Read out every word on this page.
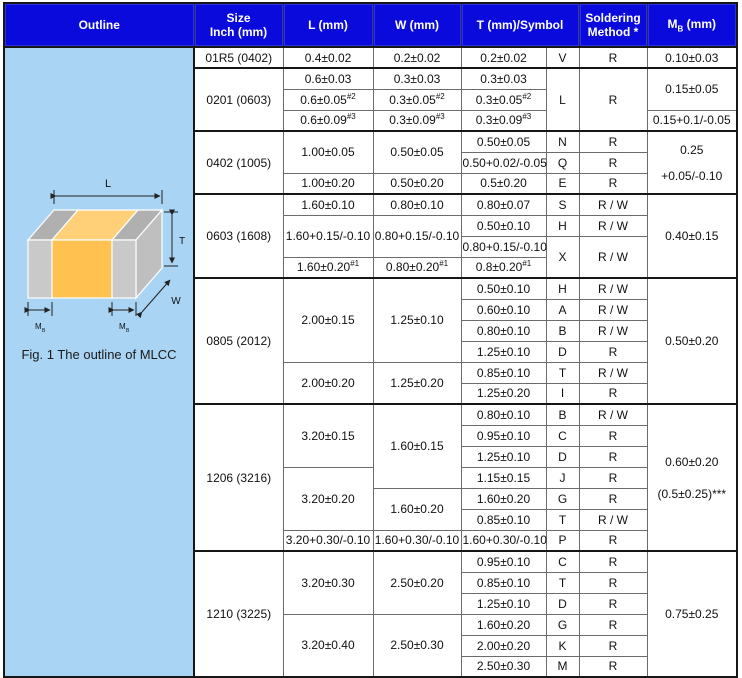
Outline	Size
Inch (mm)	L (mm)	W (mm)	T (mm)/Symbol	Soldering
Method *
	$M_B$ (mm)

L
T
W
M B	M B
Fig. 1 The outline of MLCC
	01R5 (0402)	0.4±0.02	0.2±0.02	0.2±0.02	V	R	0.10±0.03
	0201 (0603)	0.6±0.03	0.3±0.03	0.3±0.03	L	R	0.15±0.05
		$0.6\pm 0.05^{\#2}$	$0.3\pm 0.05^{\#2}$	$0.3\pm 0.05^{\#2}$
		$0.6\pm 0.09^{\#3}$	$0.3\pm 0.09^{\#3}$	$0.3\pm 0.09^{\#3}$			0.15+0.1/-0.05
	0402 (1005)	1.00±0.05	0.50±0.05	0.50±0.05	N	R	0.25
+0.05/-0.10

				0.50+0.02/-0.05	Q	R	
		1.00±0.20	0.50±0.20	0.5±0.20	E	R	
	0603 (1608)	1.60±0.10	0.80±0.10	0.80±0.07	S	R / W	0.40±0.15
		1.60+0.15/-0.10	0.80+0.15/-0.10	0.50±0.10	H	R / W	
				0.80+0.15/-0.10	X	R / W	
		$1.60\pm 0.20^{\#1}$	$0.80\pm 0.20^{\#1}$	$0.8\pm 0.20^{\#1}$
	0805 (2012)	2.00±0.15	1.25±0.10	0.50±0.10	H	R / W	0.50±0.20
				0.60±0.10	A	R / W	
				0.80±0.10	B	R / W	
				1.25±0.10	D	R	
		2.00±0.20	1.25±0.20	0.85±0.10	T	R / W	
				1.25±0.20	I	R	
	1206 (3216)	3.20±0.15	1.60±0.15	0.80±0.10	B	R / W	0.60±0.20
(0.5±0.25)***

				0.95±0.10	C	R	
				1.25±0.10	D	R	
		3.20±0.20		1.15±0.15	J	R	
			1.60±0.20	1.60±0.20	G	R	
				0.85±0.10	T	R / W	
		3.20+0.30/-0.10	1.60+0.30/-0.10	1.60+0.30/-0.10	P	R	
	1210 (3225)	3.20±0.30	2.50±0.20	0.95±0.10	C	R	0.75±0.25
				0.85±0.10	T	R	
				1.25±0.10	D	R	
		3.20±0.40	2.50±0.30	1.60±0.20	G	R	
				2.00±0.20	K	R	
				2.50±0.30	M	R	
